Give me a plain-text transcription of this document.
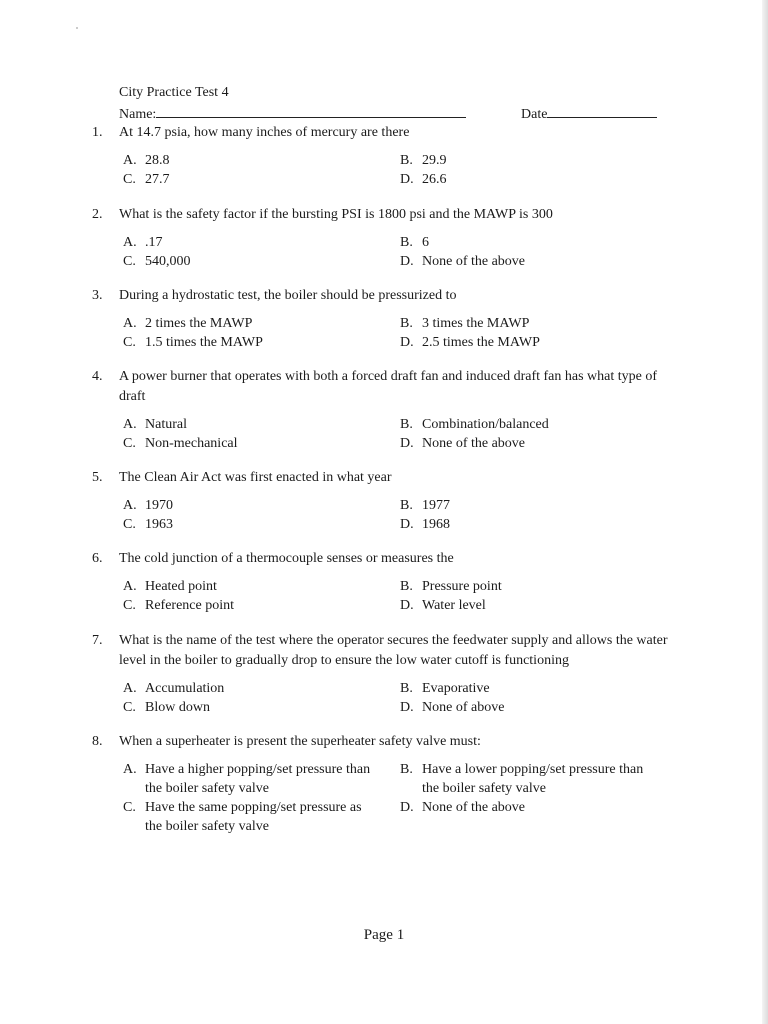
City Practice Test 4
Name:	Date
1.	At 14.7 psia, how many inches of mercury are there
A. 28.8	B. 29.9
C. 27.7	D. 26.6
2.	What is the safety factor if the bursting PSI is 1800 psi and the MAWP is 300
A. .17	B. 6
C. 540,000	D. None of the above
3.	During a hydrostatic test, the boiler should be pressurized to
A. 2 times the MAWP	B. 3 times the MAWP
C. 1.5 times the MAWP	D. 2.5 times the MAWP
4.	A power burner that operates with both a forced draft fan and induced draft fan has what type of draft
A. Natural	B. Combination/balanced
C. Non-mechanical	D. None of the above
5.	The Clean Air Act was first enacted in what year
A. 1970	B. 1977
C. 1963	D. 1968
6.	The cold junction of a thermocouple senses or measures the
A. Heated point	B. Pressure point
C. Reference point	D. Water level
7.	What is the name of the test where the operator secures the feedwater supply and allows the water level in the boiler to gradually drop to ensure the low water cutoff is functioning
A. Accumulation	B. Evaporative
C. Blow down	D. None of above
8.	When a superheater is present the superheater safety valve must:
A. Have a higher popping/set pressure than the boiler safety valve
B. Have a lower popping/set pressure than the boiler safety valve
C. Have the same popping/set pressure as the boiler safety valve
D. None of the above
Page 1
